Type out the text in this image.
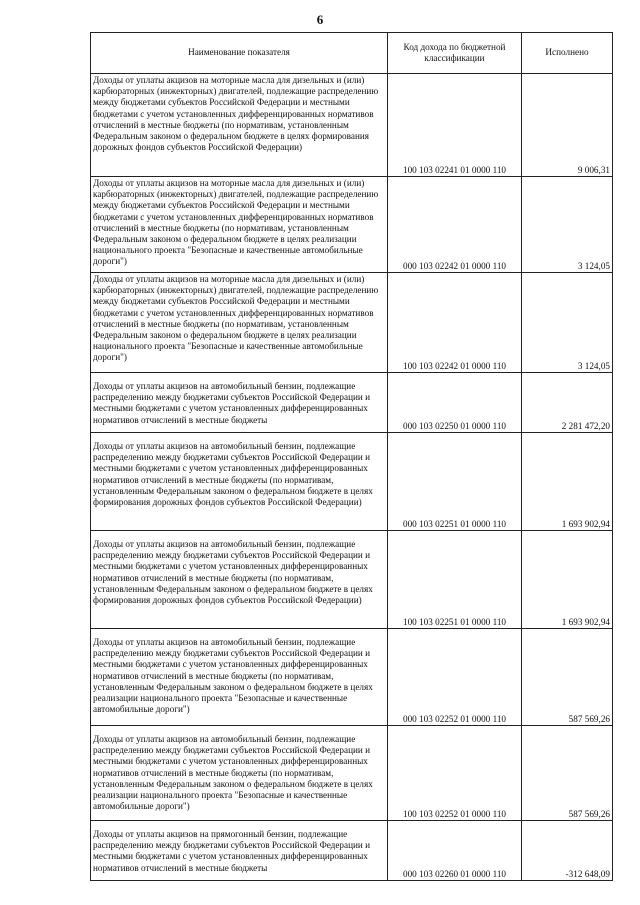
6
Наименование показателя	Код дохода по бюджетной классификации	Исполнено

Доходы от уплаты акцизов на моторные масла для дизельных и (или) карбюраторных (инжекторных) двигателей, подлежащие распределению между бюджетами субъектов Российской Федерации и местными бюджетами с учетом установленных дифференцированных нормативов отчислений в местные бюджеты (по нормативам, установленным Федеральным законом о федеральном бюджете в целях формирования дорожных фондов субъектов Российской Федерации)	100 103 02241 01 0000 110	9 006,31

Доходы от уплаты акцизов на моторные масла для дизельных и (или) карбюраторных (инжекторных) двигателей, подлежащие распределению между бюджетами субъектов Российской Федерации и местными бюджетами с учетом установленных дифференцированных нормативов отчислений в местные бюджеты (по нормативам, установленным Федеральным законом о федеральном бюджете в целях реализации национального проекта "Безопасные и качественные автомобильные дороги")	000 103 02242 01 0000 110	3 124,05

Доходы от уплаты акцизов на моторные масла для дизельных и (или) карбюраторных (инжекторных) двигателей, подлежащие распределению между бюджетами субъектов Российской Федерации и местными бюджетами с учетом установленных дифференцированных нормативов отчислений в местные бюджеты (по нормативам, установленным Федеральным законом о федеральном бюджете в целях реализации национального проекта "Безопасные и качественные автомобильные дороги")	100 103 02242 01 0000 110	3 124,05

Доходы от уплаты акцизов на автомобильный бензин, подлежащие распределению между бюджетами субъектов Российской Федерации и местными бюджетами с учетом установленных дифференцированных нормативов отчислений в местные бюджеты	000 103 02250 01 0000 110	2 281 472,20

Доходы от уплаты акцизов на автомобильный бензин, подлежащие распределению между бюджетами субъектов Российской Федерации и местными бюджетами с учетом установленных дифференцированных нормативов отчислений в местные бюджеты (по нормативам, установленным Федеральным законом о федеральном бюджете в целях формирования дорожных фондов субъектов Российской Федерации)	000 103 02251 01 0000 110	1 693 902,94

Доходы от уплаты акцизов на автомобильный бензин, подлежащие распределению между бюджетами субъектов Российской Федерации и местными бюджетами с учетом установленных дифференцированных нормативов отчислений в местные бюджеты (по нормативам, установленным Федеральным законом о федеральном бюджете в целях формирования дорожных фондов субъектов Российской Федерации)	100 103 02251 01 0000 110	1 693 902,94

Доходы от уплаты акцизов на автомобильный бензин, подлежащие распределению между бюджетами субъектов Российской Федерации и местными бюджетами с учетом установленных дифференцированных нормативов отчислений в местные бюджеты (по нормативам, установленным Федеральным законом о федеральном бюджете в целях реализации национального проекта "Безопасные и качественные автомобильные дороги")	000 103 02252 01 0000 110	587 569,26

Доходы от уплаты акцизов на автомобильный бензин, подлежащие распределению между бюджетами субъектов Российской Федерации и местными бюджетами с учетом установленных дифференцированных нормативов отчислений в местные бюджеты (по нормативам, установленным Федеральным законом о федеральном бюджете в целях реализации национального проекта "Безопасные и качественные автомобильные дороги")	100 103 02252 01 0000 110	587 569,26

Доходы от уплаты акцизов на прямогонный бензин, подлежащие распределению между бюджетами субъектов Российской Федерации и местными бюджетами с учетом установленных дифференцированных нормативов отчислений в местные бюджеты	000 103 02260 01 0000 110	-312 648,09
